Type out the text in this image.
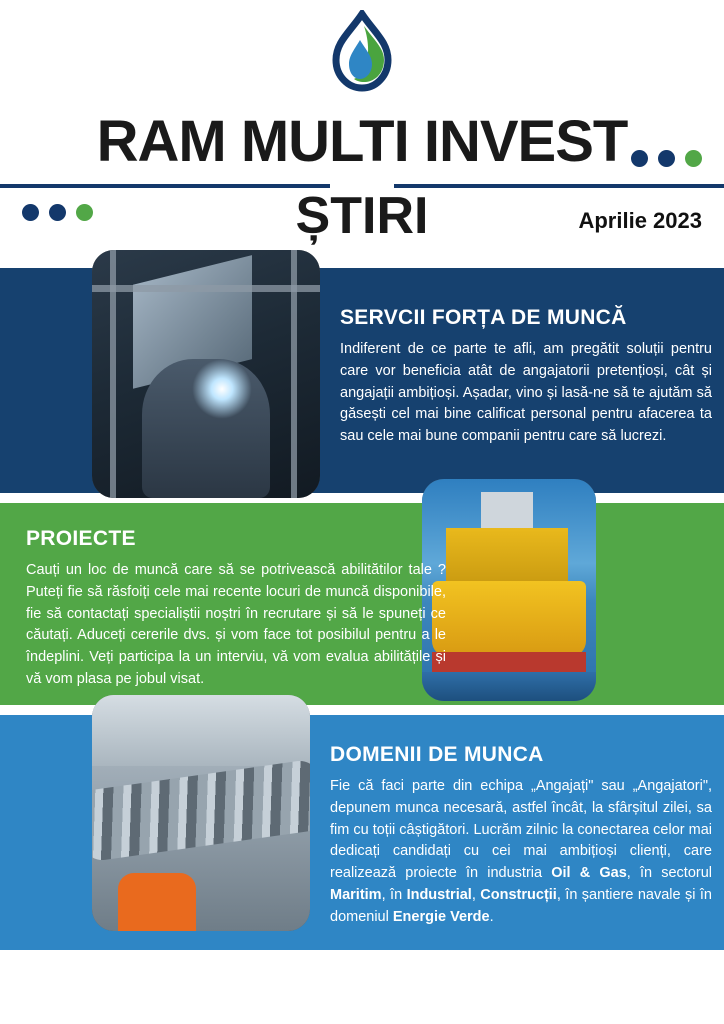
RAM MULTI INVEST
ȘTIRI	Aprilie 2023
SERVCII FORȚA DE MUNCĂ
Indiferent de ce parte te afli, am pregătit soluții pentru care vor beneficia atât de angajatorii pretențioși, cât și angajații ambițioși. Așadar, vino și lasă-ne să te ajutăm să găsești cel mai bine calificat personal pentru afacerea ta sau cele mai bune companii pentru care să lucrezi.
PROIECTE
Cauți un loc de muncă care să se potrivească abilitătilor tale ? Puteți fie să răsfoiți cele mai recente locuri de muncă disponibile, fie să contactați specialiștii noștri în recrutare și să le spuneți ce căutați. Aduceți cererile dvs. și vom face tot posibilul pentru a le îndeplini. Veți participa la un interviu, vă vom evalua abilitățile și vă vom plasa pe jobul visat.
DOMENII DE MUNCA
Fie că faci parte din echipa „Angajați" sau „Angajatori", depunem munca necesară, astfel încât, la sfârșitul zilei, sa fim cu toții câștigători. Lucrăm zilnic la conectarea celor mai dedicați candidați cu cei mai ambițioși clienți, care realizează proiecte în industria Oil & Gas, în sectorul Maritim, în Industrial, Construcții, în șantiere navale și în domeniul Energie Verde.
